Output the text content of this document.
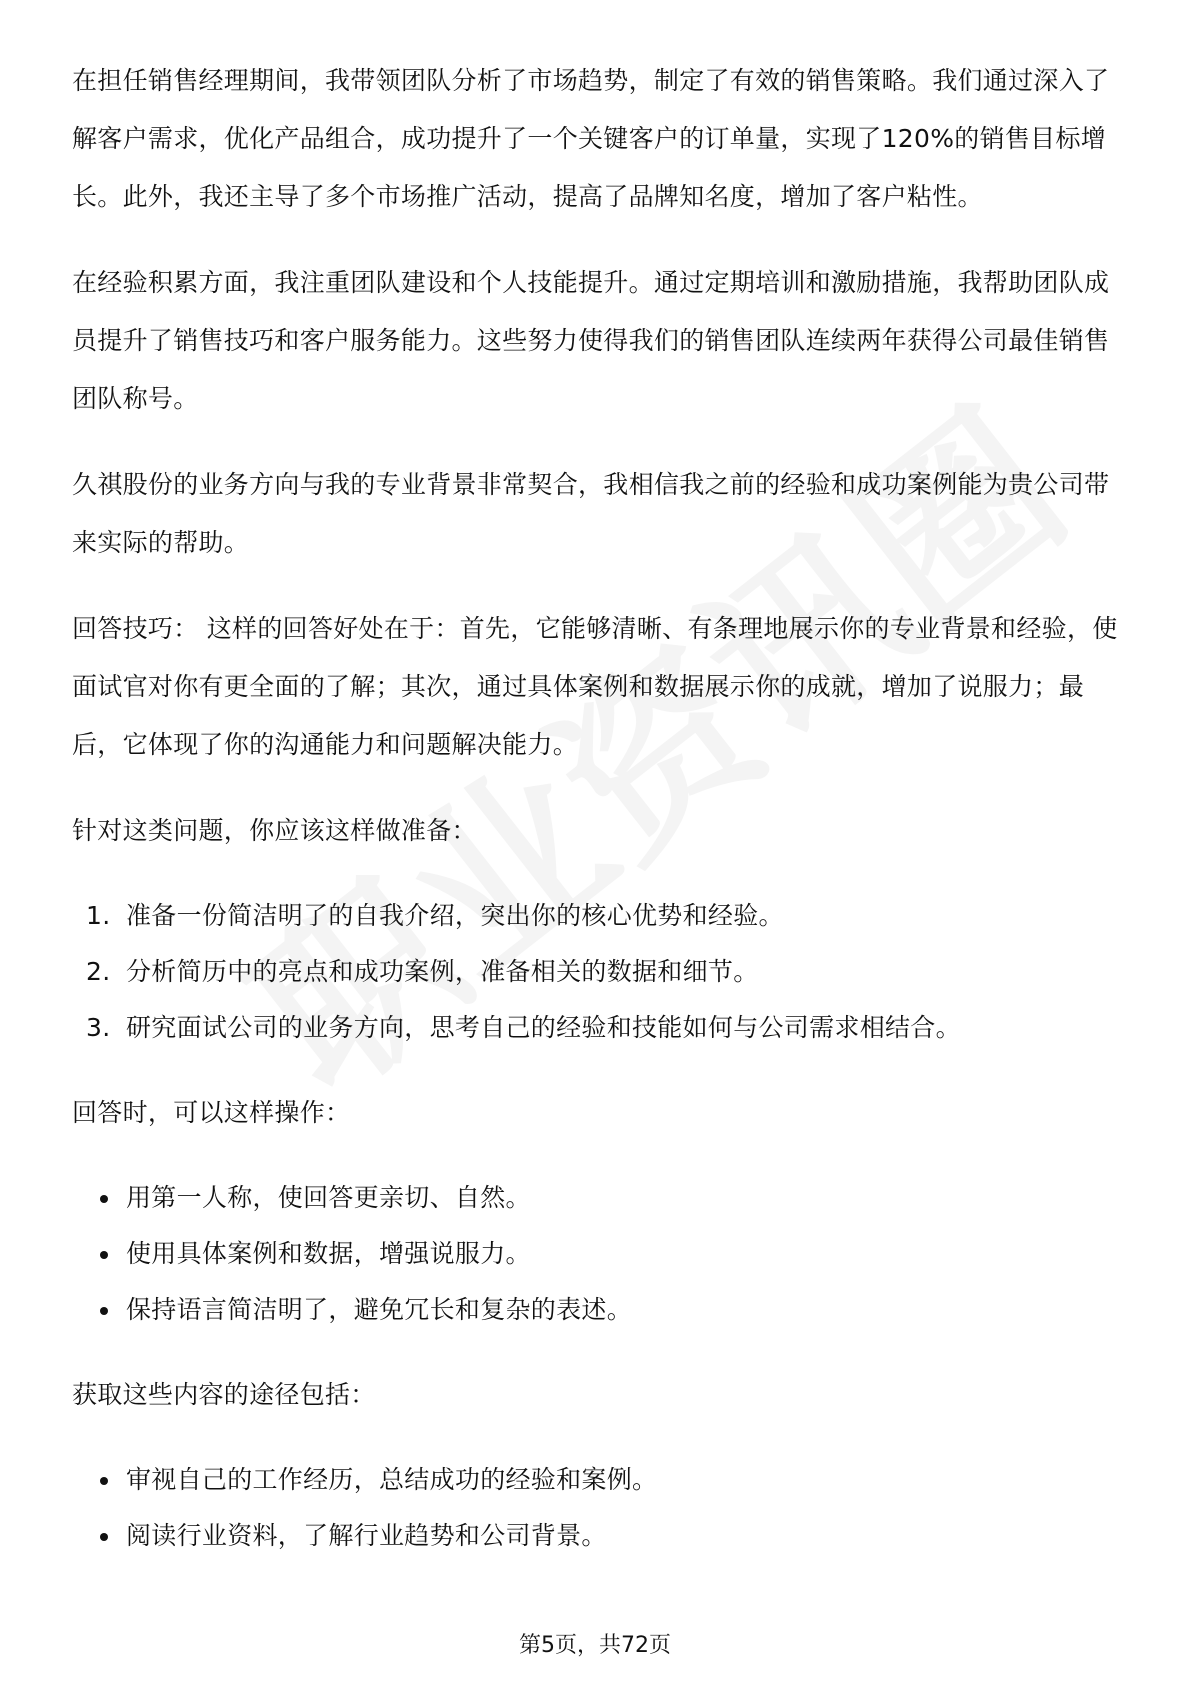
在担任销售经理期间，我带领团队分析了市场趋势，制定了有效的销售策略。我们通过深入了解客户需求，优化产品组合，成功提升了一个关键客户的订单量，实现了120%的销售目标增长。此外，我还主导了多个市场推广活动，提高了品牌知名度，增加了客户粘性。

在经验积累方面，我注重团队建设和个人技能提升。通过定期培训和激励措施，我帮助团队成员提升了销售技巧和客户服务能力。这些努力使得我们的销售团队连续两年获得公司最佳销售团队称号。

久祺股份的业务方向与我的专业背景非常契合，我相信我之前的经验和成功案例能为贵公司带来实际的帮助。

回答技巧： 这样的回答好处在于：首先，它能够清晰、有条理地展示你的专业背景和经验，使面试官对你有更全面的了解；其次，通过具体案例和数据展示你的成就，增加了说服力；最后，它体现了你的沟通能力和问题解决能力。

针对这类问题，你应该这样做准备：

1. 准备一份简洁明了的自我介绍，突出你的核心优势和经验。
2. 分析简历中的亮点和成功案例，准备相关的数据和细节。
3. 研究面试公司的业务方向，思考自己的经验和技能如何与公司需求相结合。

回答时，可以这样操作：

用第一人称，使回答更亲切、自然。
使用具体案例和数据，增强说服力。
保持语言简洁明了，避免冗长和复杂的表述。

获取这些内容的途径包括：

审视自己的工作经历，总结成功的经验和案例。
阅读行业资料，了解行业趋势和公司背景。
第5页，共72页
